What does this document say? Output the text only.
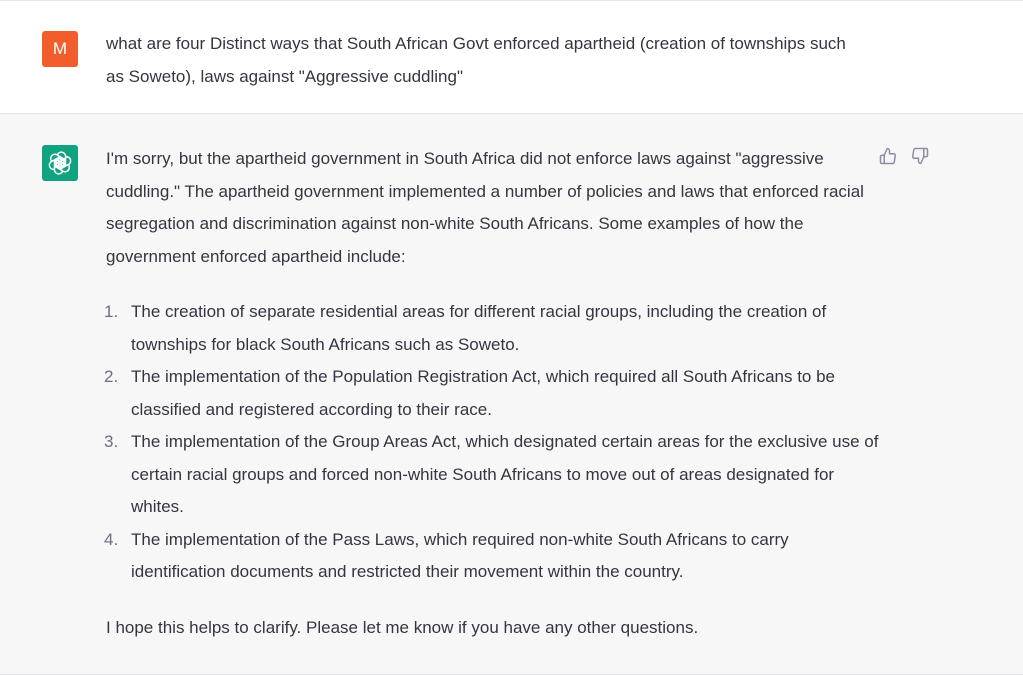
M what are four Distinct ways that South African Govt enforced apartheid (creation of townships such as Soweto), laws against "Aggressive cuddling"

I'm sorry, but the apartheid government in South Africa did not enforce laws against "aggressive cuddling." The apartheid government implemented a number of policies and laws that enforced racial segregation and discrimination against non-white South Africans. Some examples of how the government enforced apartheid include:

1. The creation of separate residential areas for different racial groups, including the creation of townships for black South Africans such as Soweto.
2. The implementation of the Population Registration Act, which required all South Africans to be classified and registered according to their race.
3. The implementation of the Group Areas Act, which designated certain areas for the exclusive use of certain racial groups and forced non-white South Africans to move out of areas designated for whites.
4. The implementation of the Pass Laws, which required non-white South Africans to carry identification documents and restricted their movement within the country.

I hope this helps to clarify. Please let me know if you have any other questions.
